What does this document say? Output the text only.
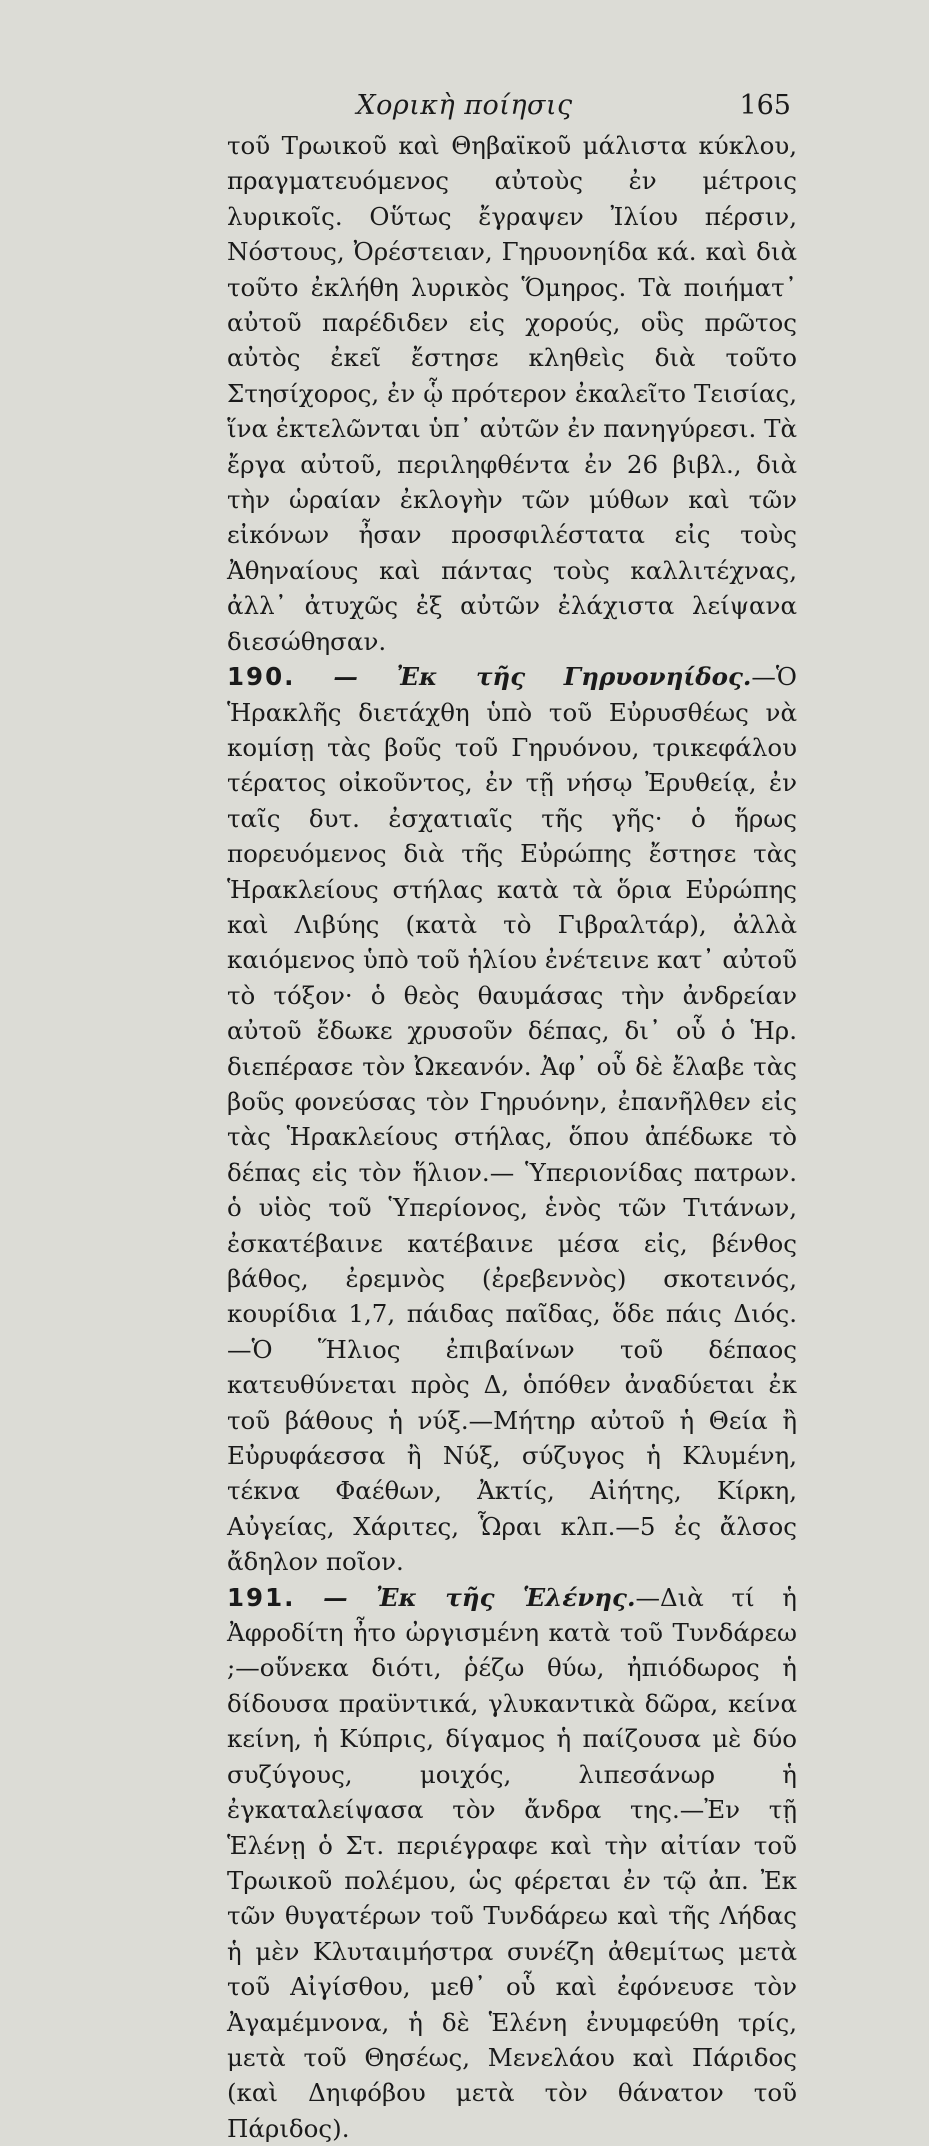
Χορικὴ ποίησις	165

τοῦ Τρωικοῦ καὶ Θηβαϊκοῦ μάλιστα κύκλου, πραγματευόμενος αὐτοὺς ἐν μέτροις λυρικοῖς. Οὕτως ἔγραψεν Ἰλίου πέρσιν, Νόστους, Ὀρέστειαν, Γηρυονηίδα κά. καὶ διὰ τοῦτο ἐκλήθη λυρικὸς Ὅμηρος. Τὰ ποιήματ᾽ αὐτοῦ παρέδιδεν εἰς χορούς, οὓς πρῶτος αὐτὸς ἐκεῖ ἔστησε κληθεὶς διὰ τοῦτο Στησίχορος, ἐν ᾧ πρότερον ἐκαλεῖτο Τεισίας, ἵνα ἐκτελῶνται ὑπ᾽ αὐτῶν ἐν πανηγύρεσι. Τὰ ἔργα αὐτοῦ, περιληφθέντα ἐν 26 βιβλ., διὰ τὴν ὡραίαν ἐκλογὴν τῶν μύθων καὶ τῶν εἰκόνων ἦσαν προσφιλέστατα εἰς τοὺς Ἀθηναίους καὶ πάντας τοὺς καλλιτέχνας, ἀλλ᾽ ἀτυχῶς ἐξ αὐτῶν ἐλάχιστα λείψανα διεσώθησαν.

190. — Ἐκ τῆς Γηρυονηίδος.—Ὁ Ἡρακλῆς διετάχθη ὑπὸ τοῦ Εὐρυσθέως νὰ κομίσῃ τὰς βοῦς τοῦ Γηρυόνου, τρικεφάλου τέρατος οἰκοῦντος, ἐν τῇ νήσῳ Ἐρυθείᾳ, ἐν ταῖς δυτ. ἐσχατιαῖς τῆς γῆς· ὁ ἥρως πορευόμενος διὰ τῆς Εὐρώπης ἔστησε τὰς Ἡρακλείους στήλας κατὰ τὰ ὅρια Εὐρώπης καὶ Λιβύης (κατὰ τὸ Γιβραλτάρ), ἀλλὰ καιόμενος ὑπὸ τοῦ ἡλίου ἐνέτεινε κατ᾽ αὐτοῦ τὸ τόξον· ὁ θεὸς θαυμάσας τὴν ἀνδρείαν αὐτοῦ ἔδωκε χρυσοῦν δέπας, δι᾽ οὗ ὁ Ἡρ. διεπέρασε τὸν Ὠκεανόν. Ἀφ᾽ οὗ δὲ ἔλαβε τὰς βοῦς φονεύσας τὸν Γηρυόνην, ἐπανῆλθεν εἰς τὰς Ἡρακλείους στήλας, ὅπου ἀπέδωκε τὸ δέπας εἰς τὸν ἥλιον.— Ὑπεριονίδας πατρων. ὁ υἱὸς τοῦ Ὑπερίονος, ἑνὸς τῶν Τιτάνων, ἐσκατέβαινε κατέβαινε μέσα εἰς, βένθος βάθος, ἐρεμνὸς (ἐρεβεννὸς) σκοτεινός, κουρίδια 1,7, πάιδας παῖδας, ὅδε πάις Διός.—Ὁ Ἥλιος ἐπιβαίνων τοῦ δέπαος κατευθύνεται πρὸς Δ, ὁπόθεν ἀναδύεται ἐκ τοῦ βάθους ἡ νύξ.—Μήτηρ αὐτοῦ ἡ Θεία ἢ Εὐρυφάεσσα ἢ Νύξ, σύζυγος ἡ Κλυμένη, τέκνα Φαέθων, Ἀκτίς, Αἰήτης, Κίρκη, Αὐγείας, Χάριτες, Ὧραι κλπ.—5 ἐς ἄλσος ἄδηλον ποῖον.

191. — Ἐκ τῆς Ἑλένης.—Διὰ τί ἡ Ἀφροδίτη ἦτο ὠργισμένη κατὰ τοῦ Τυνδάρεω ;—οὕνεκα διότι, ῥέζω θύω, ἠπιόδωρος ἡ δίδουσα πραϋντικά, γλυκαντικὰ δῶρα, κείνα κείνη, ἡ Κύπρις, δίγαμος ἡ παίζουσα μὲ δύο συζύγους, μοιχός, λιπεσάνωρ ἡ ἐγκαταλείψασα τὸν ἄνδρα της.—Ἐν τῇ Ἑλένῃ ὁ Στ. περιέγραφε καὶ τὴν αἰτίαν τοῦ Τρωικοῦ πολέμου, ὡς φέρεται ἐν τῷ ἀπ. Ἐκ τῶν θυγατέρων τοῦ Τυνδάρεω καὶ τῆς Λήδας ἡ μὲν Κλυταιμήστρα συνέζη ἀθεμίτως μετὰ τοῦ Αἰγίσθου, μεθ᾽ οὗ καὶ ἐφόνευσε τὸν Ἀγαμέμνονα, ἡ δὲ Ἑλένη ἐνυμφεύθη τρίς, μετὰ τοῦ Θησέως, Μενελάου καὶ Πάριδος (καὶ Δηιφόβου μετὰ τὸν θάνατον τοῦ Πάριδος).
